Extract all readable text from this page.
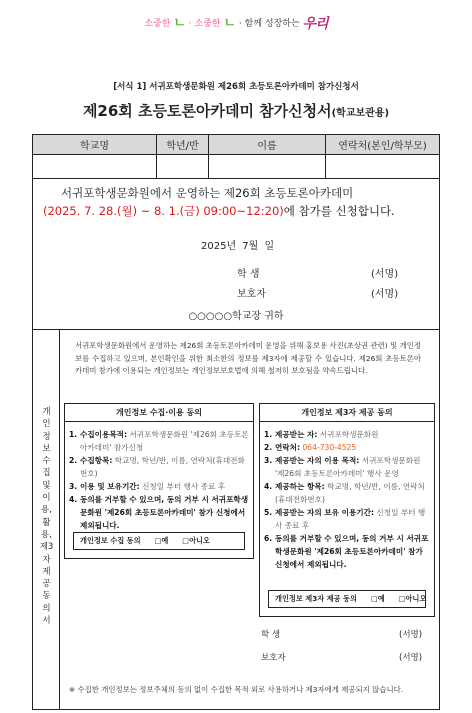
소중한 ㄴ · 소중한 ㄴ · 함께 성장하는 우리
[서식 1] 서귀포학생문화원 제26회 초등토론아카데미 참가신청서
제26회 초등토론아카데미 참가신청서(학교보관용)
학교명	학년/반	이름	연락처(본인/학부모)
서귀포학생문화원에서 운영하는 제26회 초등토론아카데미
(2025. 7. 28.(월) ~ 8. 1.(금) 09:00~12:20)에 참가를 신청합니다.
2025년 7월 일
학 생	(서명)
보호자	(서명)
○○○○○학교장 귀하
개
인
정
보
수
집
및
이
용,
활
용,
제3
자
제
공
동
의
서
서귀포학생문화원에서 운영하는 제26회 초등토론아카데미 운영을 위해 홍보용 사진(초상권 관련) 및 개인정보를 수집하고 있으며, 본인확인을 위한 최소한의 정보를 제3자에 제공할 수 있습니다. 제26회 초등토론아카데미 참가에 이용되는 개인정보는 개인정보보호법에 의해 철저히 보호됨을 약속드립니다.
개인정보 수집·이용 동의
1. 수집이용목적: 서귀포학생문화원 '제26회 초등토론아카데미' 참가신청
2. 수집항목: 학교명, 학년/반, 이름, 연락처(휴대전화번호)
3. 이용 및 보유기간: 신청일 부터 행사 종료 후
4. 동의를 거부할 수 있으며, 동의 거부 시 서귀포학생문화원 '제26회 초등토론아카데미' 참가 신청에서 제외됩니다.
개인정보 수집 동의 □예 □아니오
개인정보 제3자 제공 동의
1. 제공받는 자: 서귀포학생문화원
2. 연락처: 064-730-4525
3. 제공받는 자의 이용 목적: 서귀포학생문화원 '제26회 초등토론아카데미' 행사 운영
4. 제공하는 항목: 학교명, 학년/반, 이름, 연락처(휴대전화번호)
5. 제공받는 자의 보유 이용기간: 신청일 부터 행사 종료 후
6. 동의를 거부할 수 있으며, 동의 거부 시 서귀포학생문화원 '제26회 초등토론아카데미' 참가 신청에서 제외됩니다.
개인정보 제3자 제공 동의 □예 □아니오
학 생	(서명)
보호자	(서명)
※ 수집한 개인정보는 정보주체의 동의 없이 수집한 목적 외로 사용하거나 제3자에게 제공되지 않습니다.
